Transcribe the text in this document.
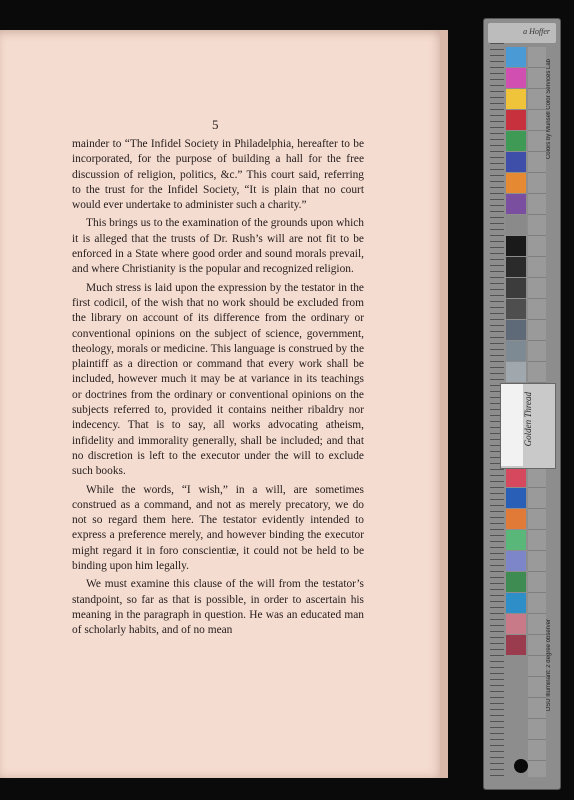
5

mainder to “The Infidel Society in Philadelphia, hereafter to be incorporated, for the purpose of building a hall for the free discussion of religion, politics, &c.” This court said, referring to the trust for the Infidel Society, “It is plain that no court would ever undertake to administer such a charity.”

This brings us to the examination of the grounds upon which it is alleged that the trusts of Dr. Rush’s will are not fit to be enforced in a State where good order and sound morals prevail, and where Christianity is the popular and recognized religion.

Much stress is laid upon the expression by the testator in the first codicil, of the wish that no work should be excluded from the library on account of its difference from the ordinary or conventional opinions on the subject of science, government, theology, morals or medicine. This language is construed by the plaintiff as a direction or command that every work shall be included, however much it may be at variance in its teachings or doctrines from the ordinary or conventional opinions on the subjects referred to, provided it contains neither ribaldry nor indecency. That is to say, all works advocating atheism, infidelity and immorality generally, shall be included; and that no discretion is left to the executor under the will to exclude such books.

While the words, “I wish,” in a will, are sometimes construed as a command, and not as merely precatory, we do not so regard them here. The testator evidently intended to express a preference merely, and however binding the executor might regard it in foro conscientiæ, it could not be held to be binding upon him legally.

We must examine this clause of the will from the testator’s standpoint, so far as that is possible, in order to ascertain his meaning in the paragraph in question. He was an educated man of scholarly habits, and of no mean

a Hoffer
Colors by Munsell Color Services Lab
DSU Illuminant: 2 degree observer
Golden Thread
